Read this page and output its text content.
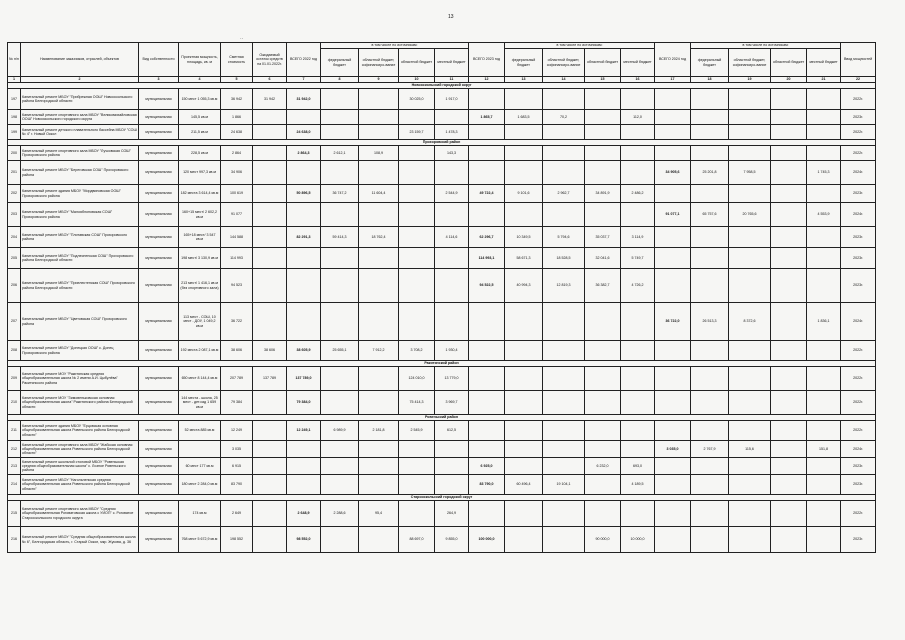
13
··
№ п/п	Наименование заказчиков, отраслей, объектов	Вид собственности	Проектная мощность, площадь, кв. м	Сметная стоимость	Ожидаемый остаток средств на 01.01.2022г.	ВСЕГО 2022 год	в том числе по источникам:				ВСЕГО 2023 год	в том числе по источникам:				ВСЕГО 2024 год	в том числе по источникам:				Ввод мощностей
							федеральный бюджет	областной бюджет, софинансиро-вание	областной бюджет	местный бюджет		федеральный бюджет	областной бюджет, софинансиро-вание	областной бюджет	местный бюджет		федеральный бюджет	областной бюджет, софинансиро-вание	областной бюджет	местный бюджет	
1	2	3	4	5	6	7	8	9	10	11	12	13	14	15	16	17	18	19	20	21	22
Новооскольский городской округ																					
197	Капитальный ремонт МБОУ "Прибрежная ООШ" Новооскольского района Белгородской области	муниципальная	150 мест 1 055,3 кв.м	36 942	31 942	31 942,0			30 025,0	1 917,0											2022г.
198	Капитальный ремонт спортивного зала МБОУ "Великомихайловская ООШ" Новооскольского городского округа	муниципальная	145,5 кв.м	1 866							1 865,7	1 683,5	70,2		112,0						2023г.
199	Капитальный ремонт детского плавательного бассейна МБОУ "СОШ № 4" г. Новый Оскол	муниципальная	211,5 кв.м	24 638		24 638,0			23 159,7	1 478,3											2022г.
Прохоровский район																					
200	Капитальный ремонт спортивного зала МБОУ "Лучковская СОШ" Прохоровского района	муниципальная	228,5 кв.м	2 864		2 864,3	2 612,1	108,9		143,3											2022г.
201	Капитальный ремонт МБОУ "Береговская СОШ" Прохоровского района	муниципальная	120 мест 997,3 кв.м	34 906												34 905,6	25 201,8	7 958,5		1 745,3	2024г.
202	Капитальный ремонт здания МБОУ "Мордвиновская ООШ" Прохоровского района	муниципальная	182 места 3 614,4 кв.м	100 619		50 896,5	36 747,2	11 604,4		2 544,9	49 722,4	9 101,6	2 962,7	34 891,9	2 486,2						2023г.
203	Капитальный ремонт МБОУ "Малояблоновская СОШ" Прохоровского района	муниципальная	160+15 мест/ 2 602,2 кв.м	91 077												91 077,1	65 757,6	20 765,6		4 553,9	2024г.
204	Капитальный ремонт МБОУ "Плотавская СОШ" Прохоровского района	муниципальная	165+18 мест/ 3 547 кв.м	144 588		82 291,3	59 414,3	18 762,4		4 114,6	62 296,7	10 349,5	5 794,6	35 037,7	3 114,9						2023г.
205	Капитальный ремонт МБОУ "Подлесненская СОШ" Прохоровского района Белгородской области	муниципальная	198 мест/ 3 130,9 кв.м	114 993							114 993,1	58 671,3	18 528,5	32 041,6	5 749,7						2023г.
206	Капитальный ремонт МБОУ "Приелестенская СОШ" Прохоровского района Белгородской области	муниципальная	213 мест/ 1 416,1 кв.м (без спортивного зала)	94 523							94 522,5	40 994,3	12 819,3	36 382,7	4 726,2						2023г.
207	Капитальный ремонт МБОУ "Цветовская СОШ" Прохоровского района	муниципальная	113 мест - СОШ, 10 мест - ДОУ, 1 049,2 кв.м	36 722												36 722,0	26 513,3	8 372,6		1 836,1	2024г.
208	Капитальный ремонт МБОУ "Донецкая ООШ" с. Донец Прохоровского района	муниципальная	192 места 2 087,1 кв.м	38 606	38 606	38 605,9	25 655,1	7 912,2	3 708,2	1 930,4											2022г.
Ракитянский район																					
209	Капитальный ремонт МОУ "Ракитянская средняя общеобразовательная школа № 2 имени А.И. Цыбулёва" Ракитянского района	муниципальная	650 мест 8 144,4 кв.м	207 789	137 789	137 789,0			124 010,0	13 779,0											2022г.
210	Капитальный ремонт МОУ "Зимовеньковская основная общеобразовательная школа" Ракитянского района Белгородской области	муниципальная	144 места - школа, 25 мест - дет.сад 1 659 кв.м	79 384		79 384,0			75 414,3	3 969,7											2022г.
Ровеньский район																					
211	Капитальный ремонт здания МБОУ "Ерцовская основная общеобразовательная школа Ровеньского района Белгородской области"	муниципальная	52 места 885 кв.м	12 249		12 249,1	6 989,9	2 181,8	2 545,9	612,5											2022г.
212	Капитальный ремонт спортивного зала МБОУ "Жабская основная общеобразовательная школа Ровеньского района Белгородской области"	муниципальная		3 035												3 035,0	2 767,9	115,6		151,8	2024г.
213	Капитальный ремонт школьной столовой МБОУ "Ровеньская средняя общеобразовательная школа" с. Лозное Ровеньского района	муниципальная	60 мест 177 кв.м	6 915							6 925,0			6 232,0	693,0						2023г.
214	Капитальный ремонт МБОУ "Нагольненская средняя общеобразовательная школа Ровеньского района Белгородской области"	муниципальная	180 мест 2 284,0 кв.м	83 790							83 790,0	60 496,4	19 104,1		4 189,5						2023г.
Старооскольский городской округ																					
215	Капитальный ремонт спортивного зала МБОУ "Средняя общеобразовательная Роговатовская школа с УИОП" с. Роговатое Старооскольского городского округа	муниципальная	174 кв.м	2 649		2 648,9	2 288,6	95,4		264,9											2022г.
216	Капитальный ремонт МБОУ "Средняя общеобразовательная школа № 6", Белгородская область, г. Старый Оскол, мкр. Жукова, д. 36	муниципальная	768 мест 5 672,9 кв.м	198 552		98 552,0			88 697,0	9 855,0	100 000,0			90 000,0	10 000,0						2023г.
